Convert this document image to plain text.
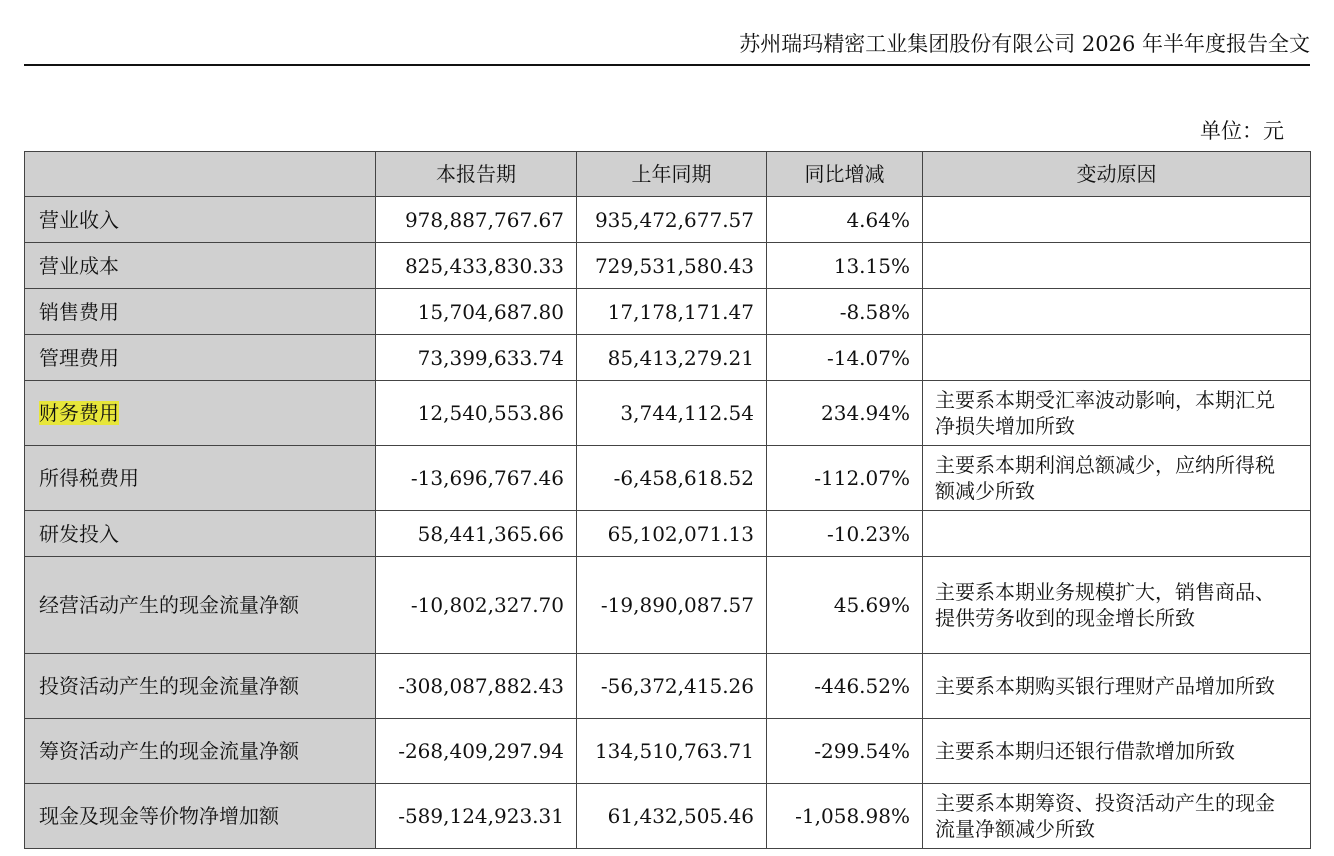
苏州瑞玛精密工业集团股份有限公司 2026 年半年度报告全文
单位：元
	本报告期	上年同期	同比增减	变动原因
营业收入	978,887,767.67	935,472,677.57	4.64%	
营业成本	825,433,830.33	729,531,580.43	13.15%	
销售费用	15,704,687.80	17,178,171.47	-8.58%	
管理费用	73,399,633.74	85,413,279.21	-14.07%	
财务费用	12,540,553.86	3,744,112.54	234.94%	主要系本期受汇率波动影响，本期汇兑净损失增加所致
所得税费用	-13,696,767.46	-6,458,618.52	-112.07%	主要系本期利润总额减少，应纳所得税额减少所致
研发投入	58,441,365.66	65,102,071.13	-10.23%	
经营活动产生的现金流量净额	-10,802,327.70	-19,890,087.57	45.69%	主要系本期业务规模扩大，销售商品、提供劳务收到的现金增长所致
投资活动产生的现金流量净额	-308,087,882.43	-56,372,415.26	-446.52%	主要系本期购买银行理财产品增加所致
筹资活动产生的现金流量净额	-268,409,297.94	134,510,763.71	-299.54%	主要系本期归还银行借款增加所致
现金及现金等价物净增加额	-589,124,923.31	61,432,505.46	-1,058.98%	主要系本期筹资、投资活动产生的现金流量净额减少所致
